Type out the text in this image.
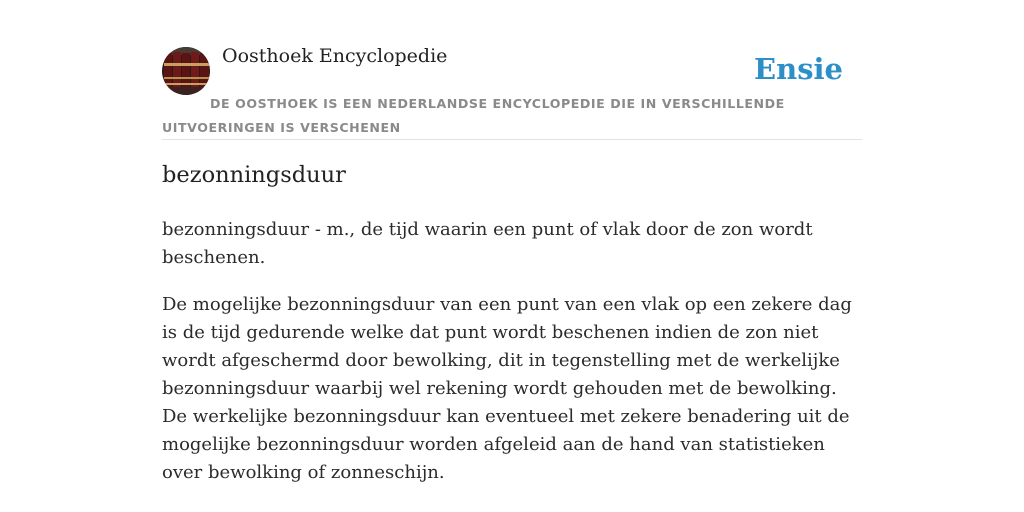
Oosthoek Encyclopedie	Ensie
DE OOSTHOEK IS EEN NEDERLANDSE ENCYCLOPEDIE DIE IN VERSCHILLENDE UITVOERINGEN IS VERSCHENEN
bezonningsduur

bezonningsduur - m., de tijd waarin een punt of vlak door de zon wordt beschenen.

De mogelijke bezonningsduur van een punt van een vlak op een zekere dag is de tijd gedurende welke dat punt wordt beschenen indien de zon niet wordt afgeschermd door bewolking, dit in tegenstelling met de werkelijke bezonningsduur waarbij wel rekening wordt gehouden met de bewolking. De werkelijke bezonningsduur kan eventueel met zekere benadering uit de mogelijke bezonningsduur worden afgeleid aan de hand van statistieken over bewolking of zonneschijn.
